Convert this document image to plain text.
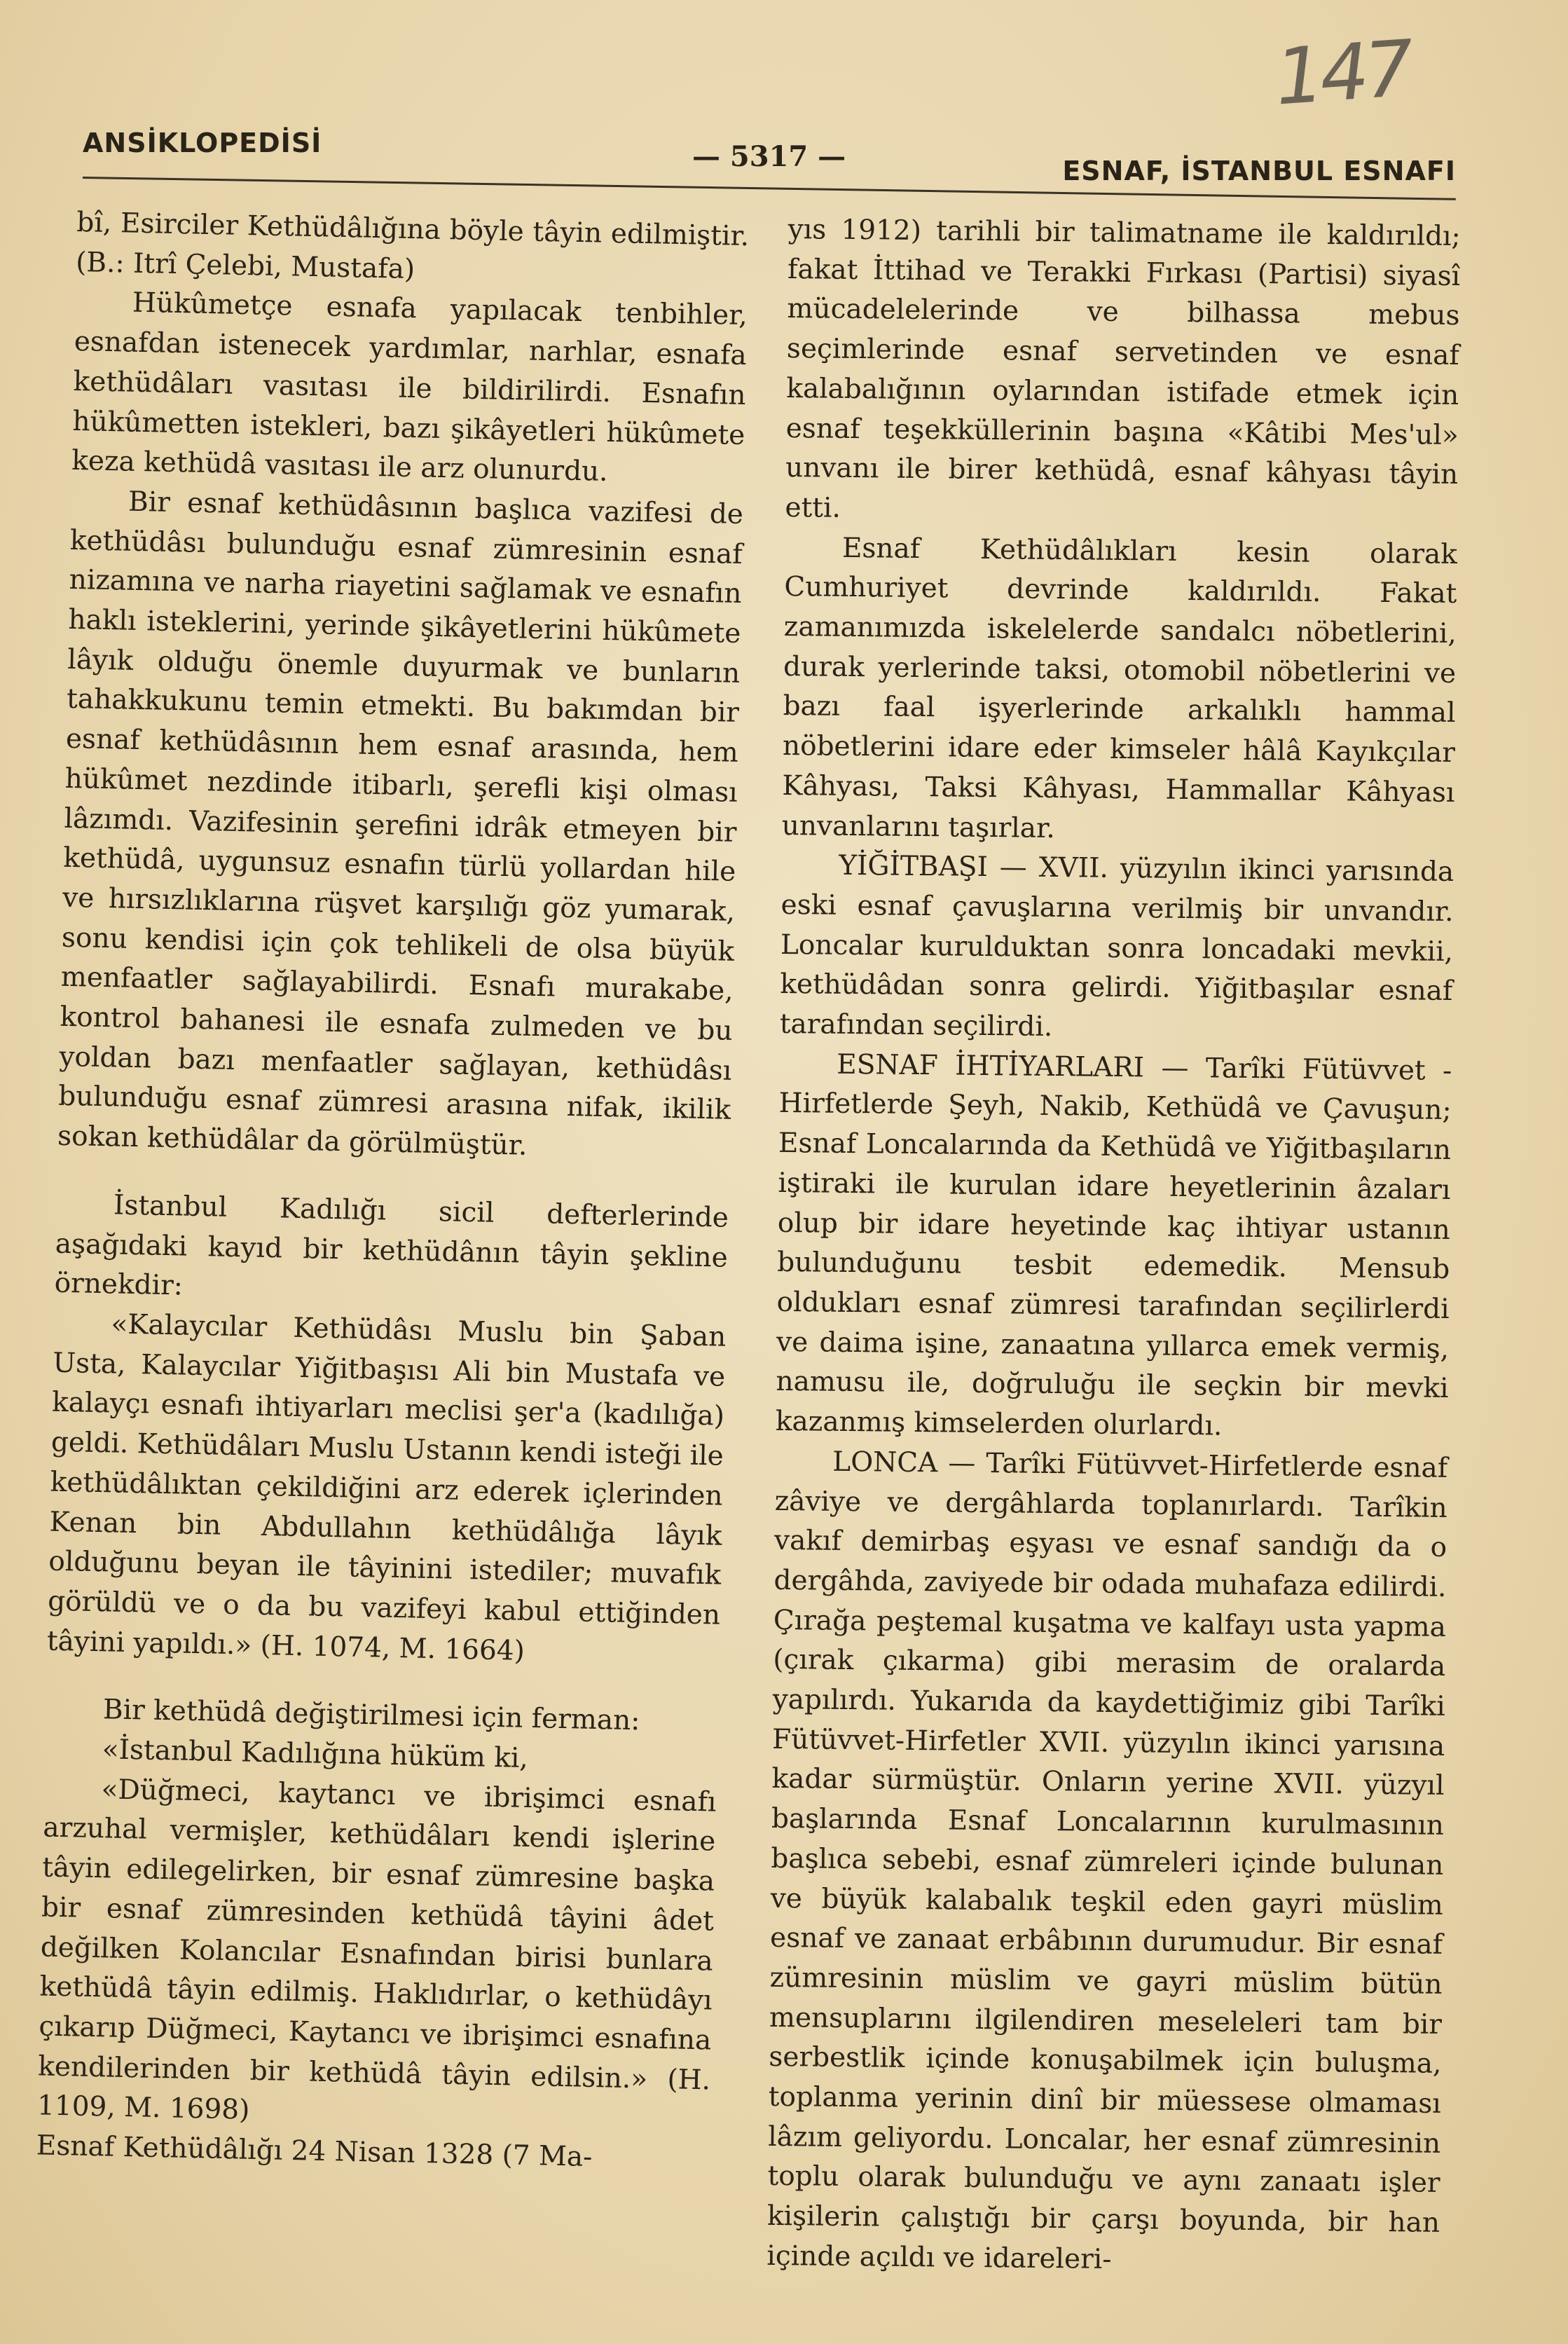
147
ANSİKLOPEDİSİ	— 5317 —	ESNAF, İSTANBUL ESNAFI

bî, Esirciler Kethüdâlığına böyle tâyin edilmiştir. (B.: Itrî Çelebi, Mustafa)

Hükûmetçe esnafa yapılacak tenbihler, esnafdan istenecek yardımlar, narhlar, esnafa kethüdâları vasıtası ile bildirilirdi. Esnafın hükûmetten istekleri, bazı şikâyetleri hükûmete keza kethüdâ vasıtası ile arz olunurdu.

Bir esnaf kethüdâsının başlıca vazifesi de kethüdâsı bulunduğu esnaf zümresinin esnaf nizamına ve narha riayetini sağlamak ve esnafın haklı isteklerini, yerinde şikâyetlerini hükûmete lâyık olduğu önemle duyurmak ve bunların tahakkukunu temin etmekti. Bu bakımdan bir esnaf kethüdâsının hem esnaf arasında, hem hükûmet nezdinde itibarlı, şerefli kişi olması lâzımdı. Vazifesinin şerefini idrâk etmeyen bir kethüdâ, uygunsuz esnafın türlü yollardan hile ve hırsızlıklarına rüşvet karşılığı göz yumarak, sonu kendisi için çok tehlikeli de olsa büyük menfaatler sağlayabilirdi. Esnafı murakabe, kontrol bahanesi ile esnafa zulmeden ve bu yoldan bazı menfaatler sağlayan, kethüdâsı bulunduğu esnaf zümresi arasına nifak, ikilik sokan kethüdâlar da görülmüştür.

İstanbul Kadılığı sicil defterlerinde aşağıdaki kayıd bir kethüdânın tâyin şekline örnekdir:

«Kalaycılar Kethüdâsı Muslu bin Şaban Usta, Kalaycılar Yiğitbaşısı Ali bin Mustafa ve kalayçı esnafı ihtiyarları meclisi şer'a (kadılığa) geldi. Kethüdâları Muslu Ustanın kendi isteği ile kethüdâlıktan çekildiğini arz ederek içlerinden Kenan bin Abdullahın kethüdâlığa lâyık olduğunu beyan ile tâyinini istediler; muvafık görüldü ve o da bu vazifeyi kabul ettiğinden tâyini yapıldı.» (H. 1074, M. 1664)

Bir kethüdâ değiştirilmesi için ferman:

«İstanbul Kadılığına hüküm ki,

«Düğmeci, kaytancı ve ibrişimci esnafı arzuhal vermişler, kethüdâları kendi işlerine tâyin edilegelirken, bir esnaf zümresine başka bir esnaf zümresinden kethüdâ tâyini âdet değilken Kolancılar Esnafından birisi bunlara kethüdâ tâyin edilmiş. Haklıdırlar, o kethüdâyı çıkarıp Düğmeci, Kaytancı ve ibrişimci esnafına kendilerinden bir kethüdâ tâyin edilsin.» (H. 1109, M. 1698)

Esnaf Kethüdâlığı 24 Nisan 1328 (7 Ma-

yıs 1912) tarihli bir talimatname ile kaldırıldı; fakat İttihad ve Terakki Fırkası (Partisi) siyasî mücadelelerinde ve bilhassa mebus seçimlerinde esnaf servetinden ve esnaf kalabalığının oylarından istifade etmek için esnaf teşekküllerinin başına «Kâtibi Mes'ul» unvanı ile birer kethüdâ, esnaf kâhyası tâyin etti.

Esnaf Kethüdâlıkları kesin olarak Cumhuriyet devrinde kaldırıldı. Fakat zamanımızda iskelelerde sandalcı nöbetlerini, durak yerlerinde taksi, otomobil nöbetlerini ve bazı faal işyerlerinde arkalıklı hammal nöbetlerini idare eder kimseler hâlâ Kayıkçılar Kâhyası, Taksi Kâhyası, Hammallar Kâhyası unvanlarını taşırlar.

YİĞİTBAŞI — XVII. yüzyılın ikinci yarısında eski esnaf çavuşlarına verilmiş bir unvandır. Loncalar kurulduktan sonra loncadaki mevkii, kethüdâdan sonra gelirdi. Yiğitbaşılar esnaf tarafından seçilirdi.

ESNAF İHTİYARLARI — Tarîki Fütüvvet - Hirfetlerde Şeyh, Nakib, Kethüdâ ve Çavuşun; Esnaf Loncalarında da Kethüdâ ve Yiğitbaşıların iştiraki ile kurulan idare heyetlerinin âzaları olup bir idare heyetinde kaç ihtiyar ustanın bulunduğunu tesbit edemedik. Mensub oldukları esnaf zümresi tarafından seçilirlerdi ve daima işine, zanaatına yıllarca emek vermiş, namusu ile, doğruluğu ile seçkin bir mevki kazanmış kimselerden olurlardı.

LONCA — Tarîki Fütüvvet-Hirfetlerde esnaf zâviye ve dergâhlarda toplanırlardı. Tarîkin vakıf demirbaş eşyası ve esnaf sandığı da o dergâhda, zaviyede bir odada muhafaza edilirdi. Çırağa peştemal kuşatma ve kalfayı usta yapma (çırak çıkarma) gibi merasim de oralarda yapılırdı. Yukarıda da kaydettiğimiz gibi Tarîki Fütüvvet-Hirfetler XVII. yüzyılın ikinci yarısına kadar sürmüştür. Onların yerine XVII. yüzyıl başlarında Esnaf Loncalarının kurulmasının başlıca sebebi, esnaf zümreleri içinde bulunan ve büyük kalabalık teşkil eden gayri müslim esnaf ve zanaat erbâbının durumudur. Bir esnaf zümresinin müslim ve gayri müslim bütün mensuplarını ilgilendiren meseleleri tam bir serbestlik içinde konuşabilmek için buluşma, toplanma yerinin dinî bir müessese olmaması lâzım geliyordu. Loncalar, her esnaf zümresinin toplu olarak bulunduğu ve aynı zanaatı işler kişilerin çalıştığı bir çarşı boyunda, bir han içinde açıldı ve idareleri-
